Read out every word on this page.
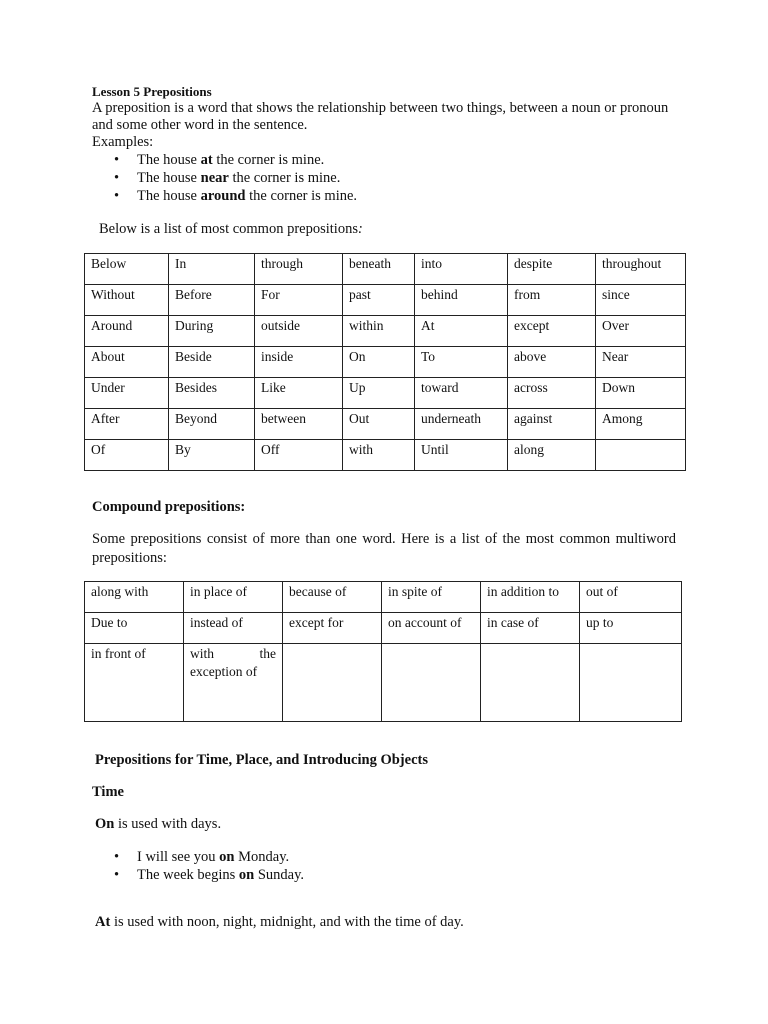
Lesson 5 Prepositions
A preposition is a word that shows the relationship between two things, between a noun or pronoun and some other word in the sentence.
Examples:
• The house at the corner is mine.
• The house near the corner is mine.
• The house around the corner is mine.
Below is a list of most common prepositions:
Below	In	through	beneath	into	despite	throughout
Without	Before	For	past	behind	from	since
Around	During	outside	within	At	except	Over
About	Beside	inside	On	To	above	Near
Under	Besides	Like	Up	toward	across	Down
After	Beyond	between	Out	underneath	against	Among
Of	By	Off	with	Until	along	
Compound prepositions:
Some prepositions consist of more than one word. Here is a list of the most common multiword prepositions:
along with	in place of	because of	in spite of	in addition to	out of
Due to	instead of	except for	on account of	in case of	up to
in front of	with the exception of				
Prepositions for Time, Place, and Introducing Objects
Time
On is used with days.
• I will see you on Monday.
• The week begins on Sunday.
At is used with noon, night, midnight, and with the time of day.
